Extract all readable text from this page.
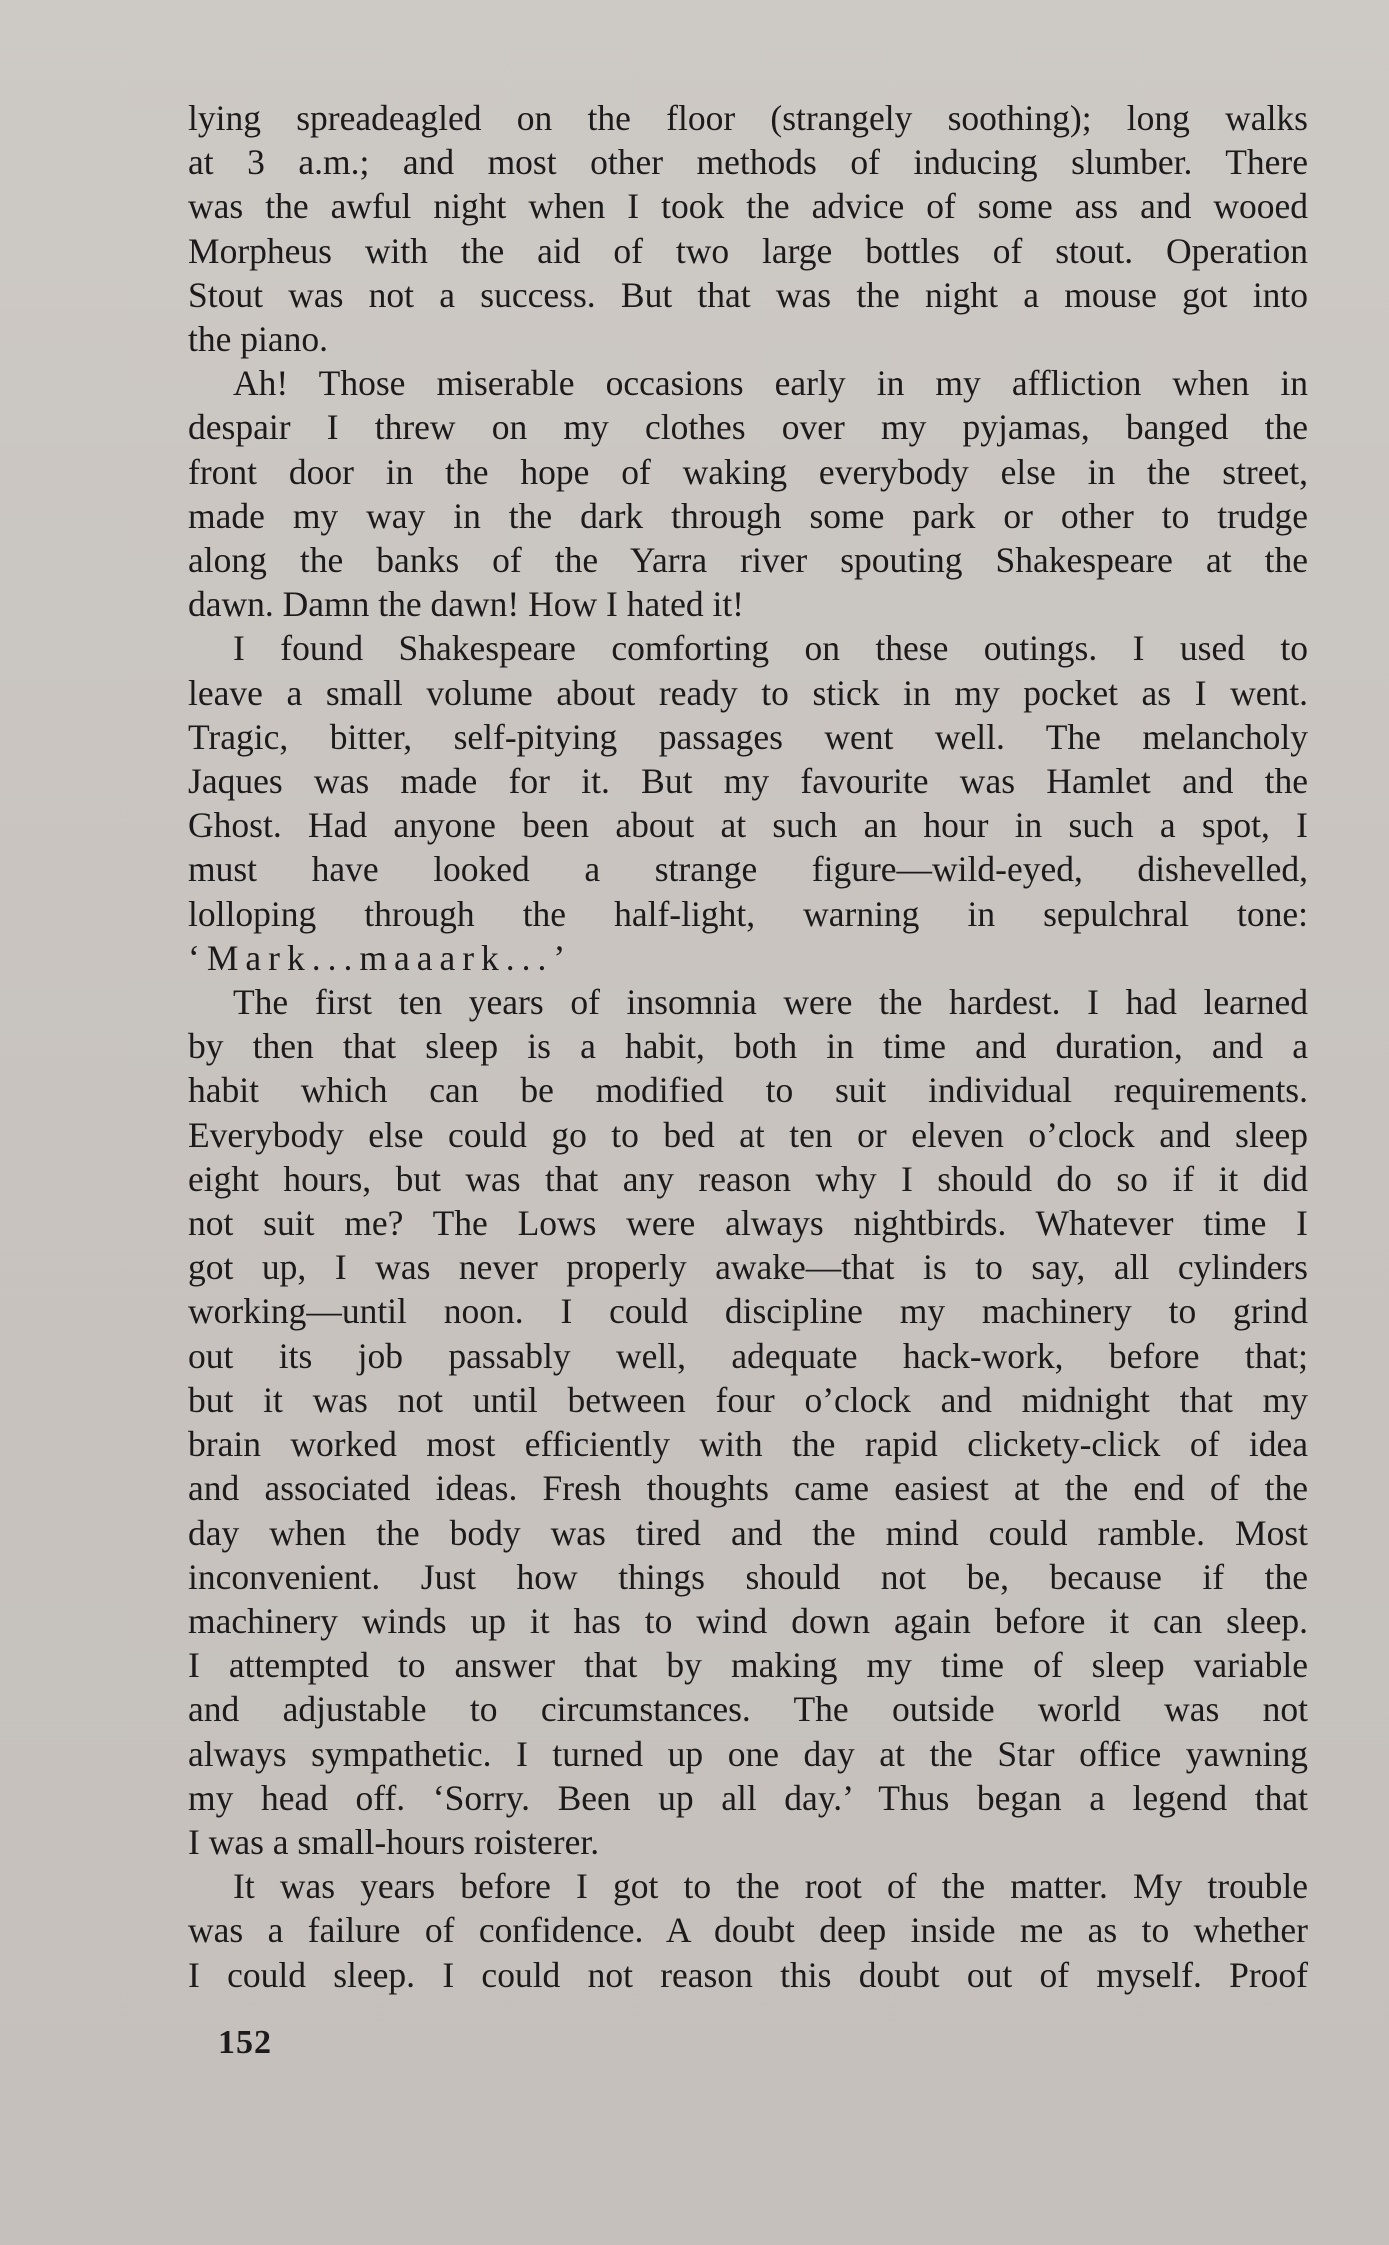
lying spreadeagled on the floor (strangely soothing); long walks

at 3 a.m.; and most other methods of inducing slumber. There

was the awful night when I took the advice of some ass and wooed

Morpheus with the aid of two large bottles of stout. Operation

Stout was not a success. But that was the night a mouse got into

the piano.

Ah! Those miserable occasions early in my affliction when in

despair I threw on my clothes over my pyjamas, banged the

front door in the hope of waking everybody else in the street,

made my way in the dark through some park or other to trudge

along the banks of the Yarra river spouting Shakespeare at the

dawn. Damn the dawn! How I hated it!

I found Shakespeare comforting on these outings. I used to

leave a small volume about ready to stick in my pocket as I went.

Tragic, bitter, self-pitying passages went well. The melancholy

Jaques was made for it. But my favourite was Hamlet and the

Ghost. Had anyone been about at such an hour in such a spot, I

must have looked a strange figure—wild-eyed, dishevelled,

lolloping through the half-light, warning in sepulchral tone:

‘Mark...maaark...’

The first ten years of insomnia were the hardest. I had learned

by then that sleep is a habit, both in time and duration, and a

habit which can be modified to suit individual requirements.

Everybody else could go to bed at ten or eleven o’clock and sleep

eight hours, but was that any reason why I should do so if it did

not suit me? The Lows were always nightbirds. Whatever time I

got up, I was never properly awake—that is to say, all cylinders

working—until noon. I could discipline my machinery to grind

out its job passably well, adequate hack-work, before that;

but it was not until between four o’clock and midnight that my

brain worked most efficiently with the rapid clickety-click of idea

and associated ideas. Fresh thoughts came easiest at the end of the

day when the body was tired and the mind could ramble. Most

inconvenient. Just how things should not be, because if the

machinery winds up it has to wind down again before it can sleep.

I attempted to answer that by making my time of sleep variable

and adjustable to circumstances. The outside world was not

always sympathetic. I turned up one day at the Star office yawning

my head off. ‘Sorry. Been up all day.’ Thus began a legend that

I was a small-hours roisterer.

It was years before I got to the root of the matter. My trouble

was a failure of confidence. A doubt deep inside me as to whether

I could sleep. I could not reason this doubt out of myself. Proof

152
